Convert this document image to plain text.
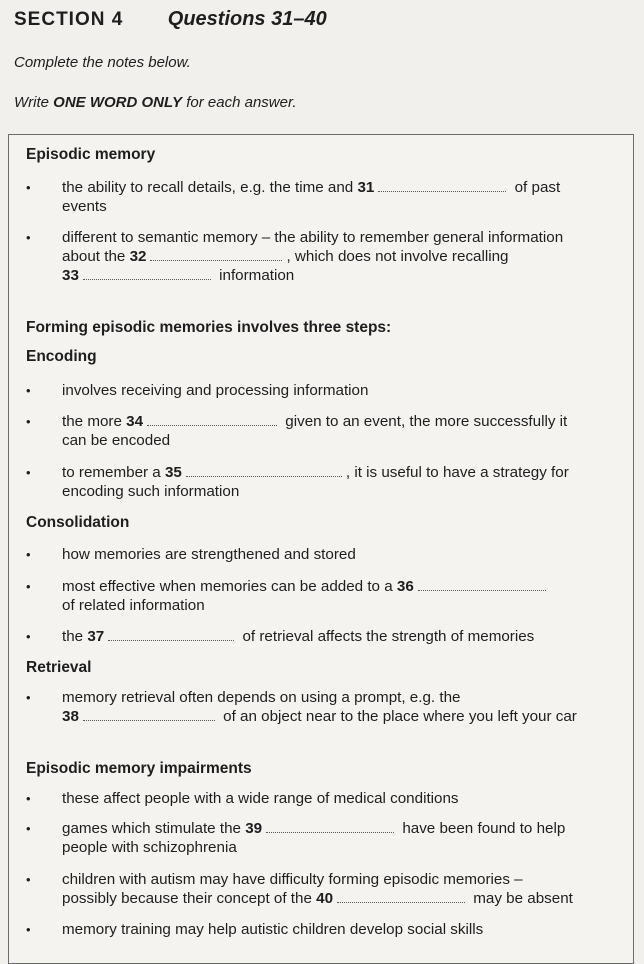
SECTION 4 Questions 31–40
Complete the notes below.
Write ONE WORD ONLY for each answer.
Episodic memory
• the ability to recall details, e.g. the time and 31	of past
events
• different to semantic memory – the ability to remember general information
about the 32	, which does not involve recalling
33	information
Forming episodic memories involves three steps:
Encoding
• involves receiving and processing information
• the more 34	given to an event, the more successfully it
can be encoded
• to remember a 35	, it is useful to have a strategy for
encoding such information
Consolidation
• how memories are strengthened and stored
• most effective when memories can be added to a 36
of related information
• the 37	of retrieval affects the strength of memories
Retrieval
• memory retrieval often depends on using a prompt, e.g. the
38	of an object near to the place where you left your car
Episodic memory impairments
• these affect people with a wide range of medical conditions
• games which stimulate the 39	have been found to help
people with schizophrenia
• children with autism may have difficulty forming episodic memories –
possibly because their concept of the 40	may be absent
• memory training may help autistic children develop social skills
